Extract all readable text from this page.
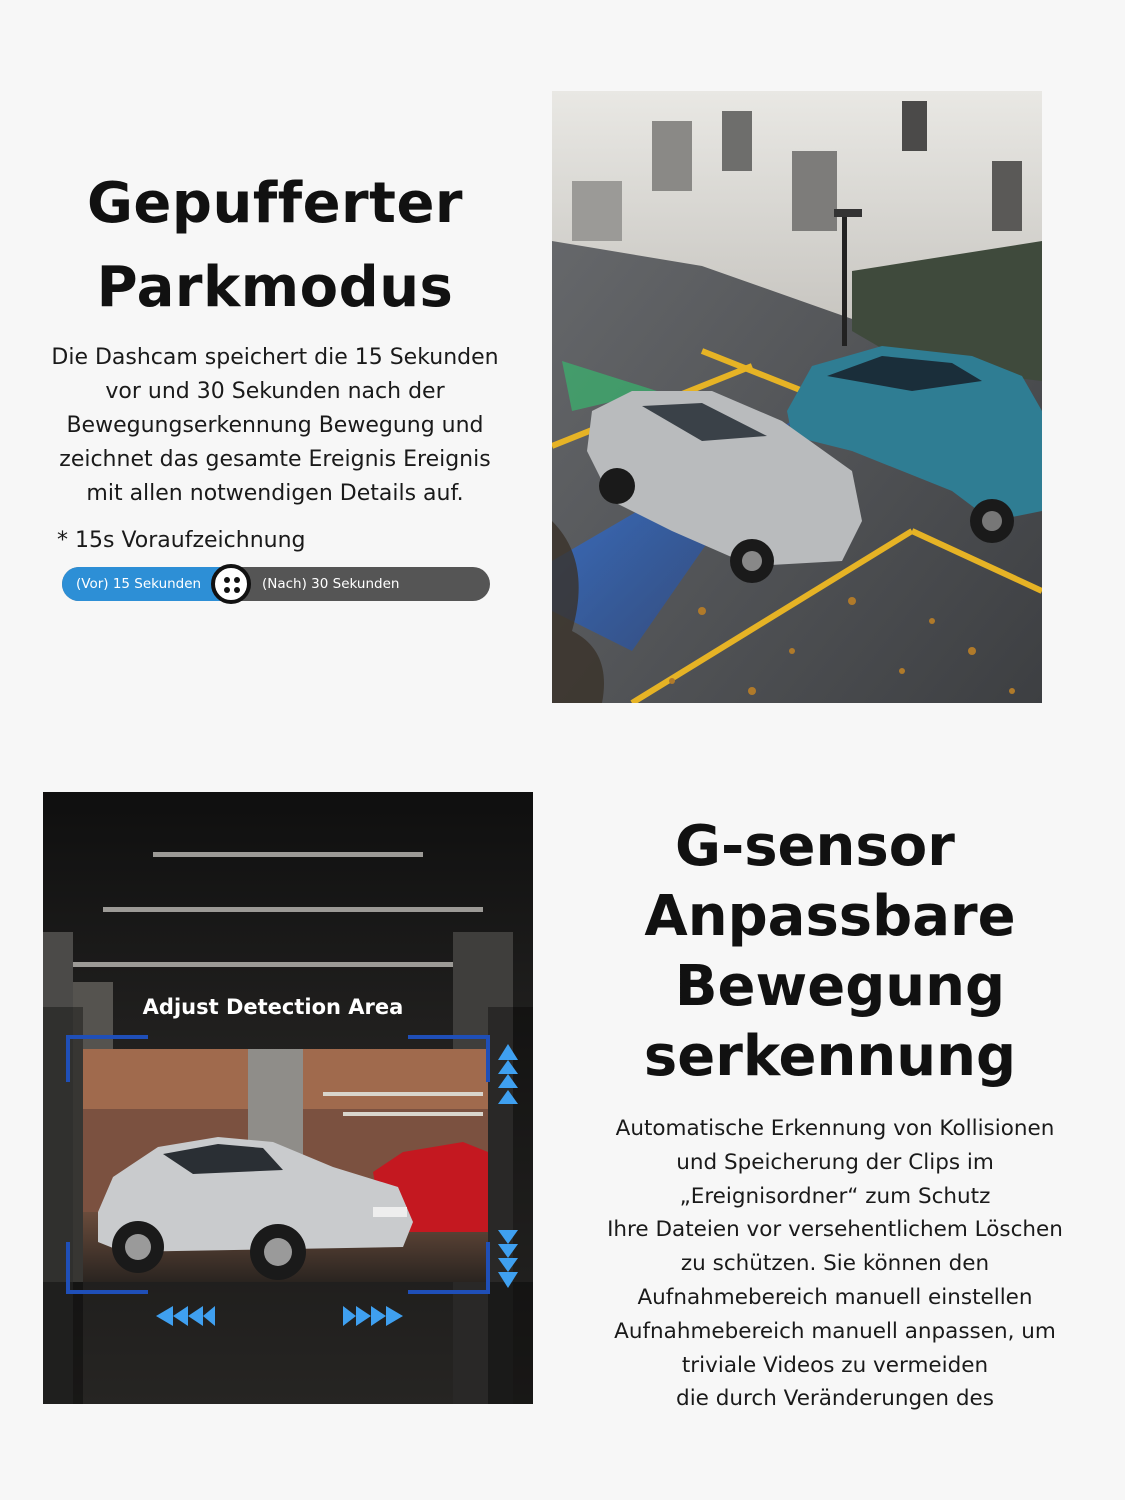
Gepufferter
Parkmodus
Die Dashcam speichert die 15 Sekunden
vor und 30 Sekunden nach der
Bewegungserkennung Bewegung und
zeichnet das gesamte Ereignis Ereignis
mit allen notwendigen Details auf.
* 15s Voraufzeichnung
(Vor) 15 Sekunden	(Nach) 30 Sekunden
Adjust Detection Area
G-sensor
Anpassbare
Bewegung
serkennung
Automatische Erkennung von Kollisionen
und Speicherung der Clips im
„Ereignisordner“ zum Schutz
Ihre Dateien vor versehentlichem Löschen
zu schützen. Sie können den
Aufnahmebereich manuell einstellen
Aufnahmebereich manuell anpassen, um
triviale Videos zu vermeiden
die durch Veränderungen des
